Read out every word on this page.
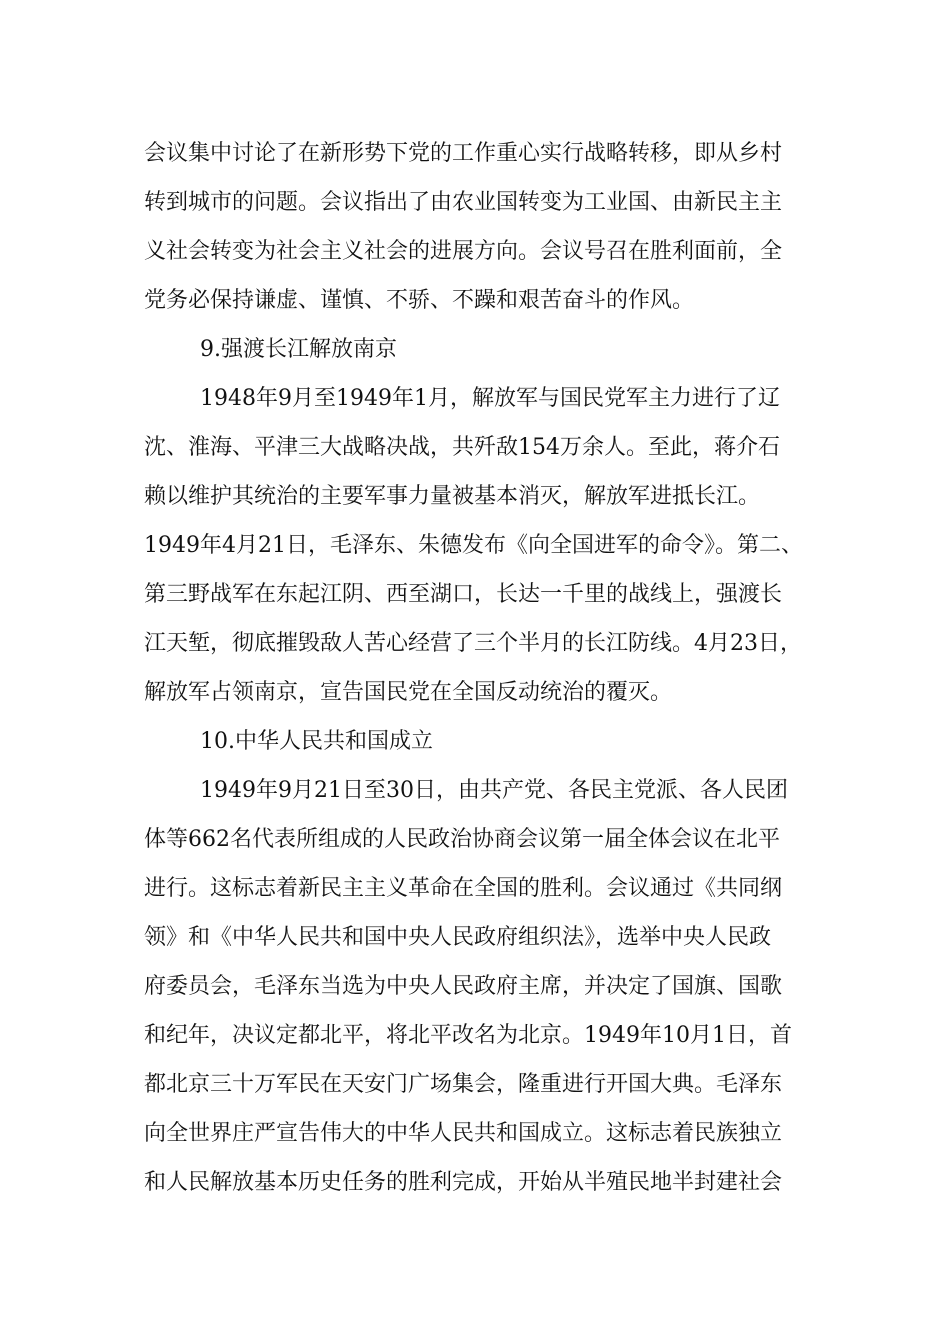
会议集中讨论了在新形势下党的工作重心实行战略转移，即从乡村
转到城市的问题。会议指出了由农业国转变为工业国、由新民主主
义社会转变为社会主义社会的进展方向。会议号召在胜利面前，全
党务必保持谦虚、谨慎、不骄、不躁和艰苦奋斗的作风。

9.强渡长江解放南京

1948年9月至1949年1月，解放军与国民党军主力进行了辽
沈、淮海、平津三大战略决战，共歼敌154万余人。至此，蒋介石
赖以维护其统治的主要军事力量被基本消灭，解放军进抵长江。
1949年4月21日，毛泽东、朱德发布《向全国进军的命令》。第二、
第三野战军在东起江阴、西至湖口，长达一千里的战线上，强渡长
江天堑，彻底摧毁敌人苦心经营了三个半月的长江防线。4月23日，
解放军占领南京，宣告国民党在全国反动统治的覆灭。

10.中华人民共和国成立

1949年9月21日至30日，由共产党、各民主党派、各人民团
体等662名代表所组成的人民政治协商会议第一届全体会议在北平
进行。这标志着新民主主义革命在全国的胜利。会议通过《共同纲
领》和《中华人民共和国中央人民政府组织法》，选举中央人民政
府委员会，毛泽东当选为中央人民政府主席，并决定了国旗、国歌
和纪年，决议定都北平，将北平改名为北京。1949年10月1日，首
都北京三十万军民在天安门广场集会，隆重进行开国大典。毛泽东
向全世界庄严宣告伟大的中华人民共和国成立。这标志着民族独立
和人民解放基本历史任务的胜利完成，开始从半殖民地半封建社会
